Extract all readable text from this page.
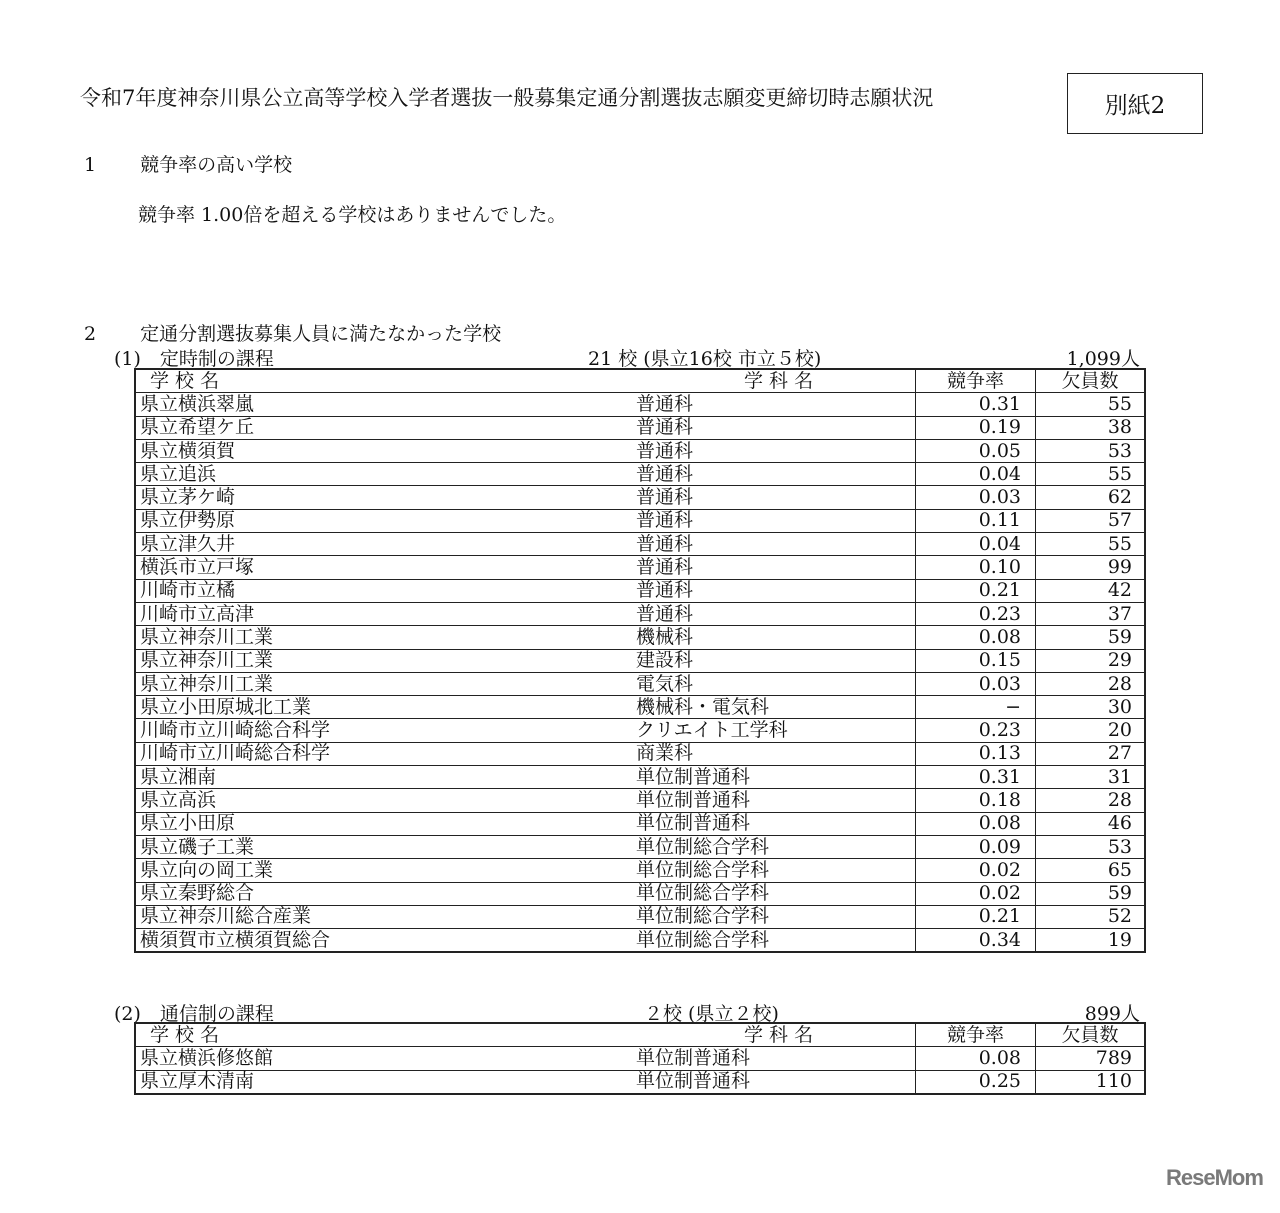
令和7年度神奈川県公立高等学校入学者選抜一般募集定通分割選抜志願変更締切時志願状況	別紙2
1 競争率の高い学校
競争率 1.00倍を超える学校はありませんでした。
2 定通分割選抜募集人員に満たなかった学校
(1)　定時制の課程	21 校 (県立16校 市立５校)	1,099人
学 校 名	学 科 名	競争率	欠員数
県立横浜翠嵐	普通科	0.31	55
県立希望ケ丘	普通科	0.19	38
県立横須賀	普通科	0.05	53
県立追浜	普通科	0.04	55
県立茅ケ崎	普通科	0.03	62
県立伊勢原	普通科	0.11	57
県立津久井	普通科	0.04	55
横浜市立戸塚	普通科	0.10	99
川崎市立橘	普通科	0.21	42
川崎市立高津	普通科	0.23	37
県立神奈川工業	機械科	0.08	59
県立神奈川工業	建設科	0.15	29
県立神奈川工業	電気科	0.03	28
県立小田原城北工業	機械科・電気科	−	30
川崎市立川崎総合科学	クリエイト工学科	0.23	20
川崎市立川崎総合科学	商業科	0.13	27
県立湘南	単位制普通科	0.31	31
県立高浜	単位制普通科	0.18	28
県立小田原	単位制普通科	0.08	46
県立磯子工業	単位制総合学科	0.09	53
県立向の岡工業	単位制総合学科	0.02	65
県立秦野総合	単位制総合学科	0.02	59
県立神奈川総合産業	単位制総合学科	0.21	52
横須賀市立横須賀総合	単位制総合学科	0.34	19
(2)　通信制の課程	２校 (県立２校)	899人
学 校 名	学 科 名	競争率	欠員数
県立横浜修悠館	単位制普通科	0.08	789
県立厚木清南	単位制普通科	0.25	110
ReseMom
